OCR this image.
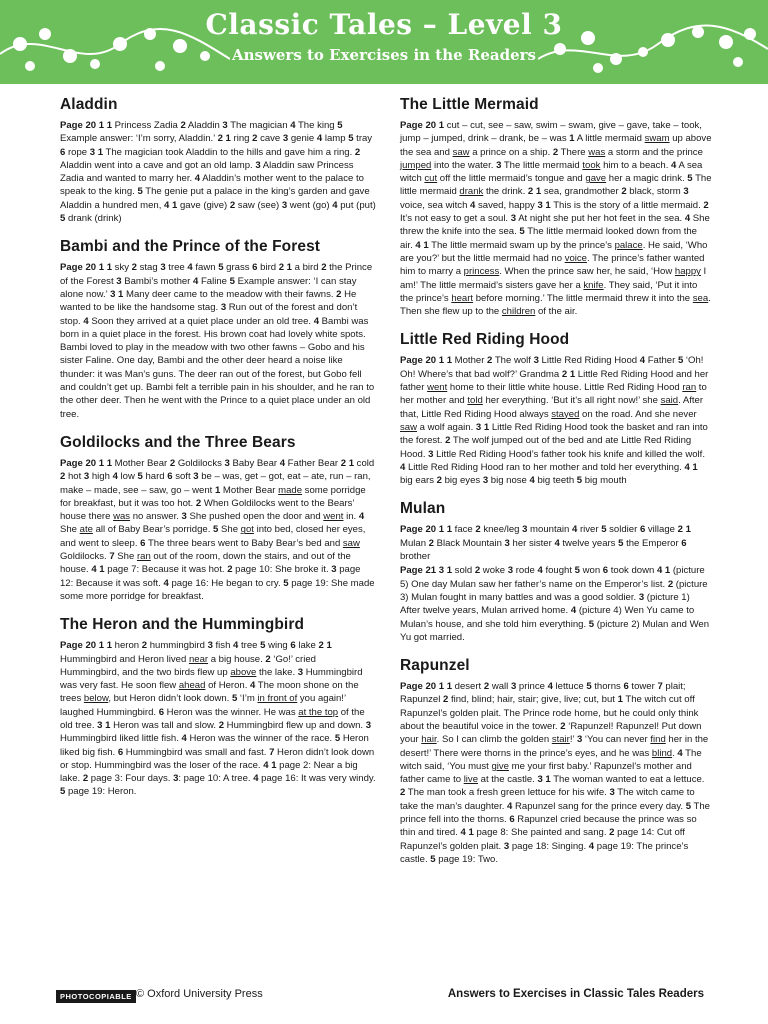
Classic Tales – Level 3
Answers to Exercises in the Readers
Aladdin

Page 20 1 1 Princess Zadia 2 Aladdin 3 The magician 4 The king 5 Example answer: ‘I’m sorry, Aladdin.’ 2 1 ring 2 cave 3 genie 4 lamp 5 tray 6 rope 3 1 The magician took Aladdin to the hills and gave him a ring. 2 Aladdin went into a cave and got an old lamp. 3 Aladdin saw Princess Zadia and wanted to marry her. 4 Aladdin’s mother went to the palace to speak to the king. 5 The genie put a palace in the king’s garden and gave Aladdin a hundred men, 4 1 gave (give) 2 saw (see) 3 went (go) 4 put (put) 5 drank (drink)

Bambi and the Prince of the Forest

Page 20 1 1 sky 2 stag 3 tree 4 fawn 5 grass 6 bird 2 1 a bird 2 the Prince of the Forest 3 Bambi’s mother 4 Faline 5 Example answer: ‘I can stay alone now.’ 3 1 Many deer came to the meadow with their fawns. 2 He wanted to be like the handsome stag. 3 Run out of the forest and don’t stop. 4 Soon they arrived at a quiet place under an old tree. 4 Bambi was born in a quiet place in the forest. His brown coat had lovely white spots. Bambi loved to play in the meadow with two other fawns – Gobo and his sister Faline. One day, Bambi and the other deer heard a noise like thunder: it was Man’s guns. The deer ran out of the forest, but Gobo fell and couldn’t get up. Bambi felt a terrible pain in his shoulder, and he ran to the other deer. Then he went with the Prince to a quiet place under an old tree.

Goldilocks and the Three Bears

Page 20 1 1 Mother Bear 2 Goldilocks 3 Baby Bear 4 Father Bear 2 1 cold 2 hot 3 high 4 low 5 hard 6 soft 3 be – was, get – got, eat – ate, run – ran, make – made, see – saw, go – went 1 Mother Bear made some porridge for breakfast, but it was too hot. 2 When Goldilocks went to the Bears’ house there was no answer. 3 She pushed open the door and went in. 4 She ate all of Baby Bear’s porridge. 5 She got into bed, closed her eyes, and went to sleep. 6 The three bears went to Baby Bear’s bed and saw Goldilocks. 7 She ran out of the room, down the stairs, and out of the house. 4 1 page 7: Because it was hot. 2 page 10: She broke it. 3 page 12: Because it was soft. 4 page 16: He began to cry. 5 page 19: She made some more porridge for breakfast.

The Heron and the Hummingbird

Page 20 1 1 heron 2 hummingbird 3 fish 4 tree 5 wing 6 lake 2 1 Hummingbird and Heron lived near a big house. 2 ‘Go!’ cried Hummingbird, and the two birds flew up above the lake. 3 Hummingbird was very fast. He soon flew ahead of Heron. 4 The moon shone on the trees below, but Heron didn’t look down. 5 ‘I’m in front of you again!’ laughed Hummingbird. 6 Heron was the winner. He was at the top of the old tree. 3 1 Heron was tall and slow. 2 Hummingbird flew up and down. 3 Hummingbird liked little fish. 4 Heron was the winner of the race. 5 Heron liked big fish. 6 Hummingbird was small and fast. 7 Heron didn’t look down or stop. Hummingbird was the loser of the race. 4 1 page 2: Near a big lake. 2 page 3: Four days. 3: page 10: A tree. 4 page 16: It was very windy. 5 page 19: Heron.

The Little Mermaid

Page 20 1 cut – cut, see – saw, swim – swam, give – gave, take – took, jump – jumped, drink – drank, be – was 1 A little mermaid swam up above the sea and saw a prince on a ship. 2 There was a storm and the prince jumped into the water. 3 The little mermaid took him to a beach. 4 A sea witch cut off the little mermaid’s tongue and gave her a magic drink. 5 The little mermaid drank the drink. 2 1 sea, grandmother 2 black, storm 3 voice, sea witch 4 saved, happy 3 1 This is the story of a little mermaid. 2 It’s not easy to get a soul. 3 At night she put her hot feet in the sea. 4 She threw the knife into the sea. 5 The little mermaid looked down from the air. 4 1 The little mermaid swam up by the prince’s palace. He said, ‘Who are you?’ but the little mermaid had no voice. The prince’s father wanted him to marry a princess. When the prince saw her, he said, ‘How happy I am!’ The little mermaid’s sisters gave her a knife. They said, ‘Put it into the prince’s heart before morning.’ The little mermaid threw it into the sea. Then she flew up to the children of the air.

Little Red Riding Hood

Page 20 1 1 Mother 2 The wolf 3 Little Red Riding Hood 4 Father 5 ‘Oh! Oh! Where’s that bad wolf?’ Grandma 2 1 Little Red Riding Hood and her father went home to their little white house. Little Red Riding Hood ran to her mother and told her everything. ‘But it’s all right now!’ she said. After that, Little Red Riding Hood always stayed on the road. And she never saw a wolf again. 3 1 Little Red Riding Hood took the basket and ran into the forest. 2 The wolf jumped out of the bed and ate Little Red Riding Hood. 3 Little Red Riding Hood’s father took his knife and killed the wolf. 4 Little Red Riding Hood ran to her mother and told her everything. 4 1 big ears 2 big eyes 3 big nose 4 big teeth 5 big mouth

Mulan

Page 20 1 1 face 2 knee/leg 3 mountain 4 river 5 soldier 6 village 2 1 Mulan 2 Black Mountain 3 her sister 4 twelve years 5 the Emperor 6 brother

Page 21 3 1 sold 2 woke 3 rode 4 fought 5 won 6 took down 4 1 (picture 5) One day Mulan saw her father’s name on the Emperor’s list. 2 (picture 3) Mulan fought in many battles and was a good soldier. 3 (picture 1) After twelve years, Mulan arrived home. 4 (picture 4) Wen Yu came to Mulan’s house, and she told him everything. 5 (picture 2) Mulan and Wen Yu got married.

Rapunzel

Page 20 1 1 desert 2 wall 3 prince 4 lettuce 5 thorns 6 tower 7 plait; Rapunzel 2 find, blind; hair, stair; give, live; cut, but 1 The witch cut off Rapunzel’s golden plait. The Prince rode home, but he could only think about the beautiful voice in the tower. 2 ‘Rapunzel! Rapunzel! Put down your hair. So I can climb the golden stair!’ 3 ‘You can never find her in the desert!’ There were thorns in the prince’s eyes, and he was blind. 4 The witch said, ‘You must give me your first baby.’ Rapunzel’s mother and father came to live at the castle. 3 1 The woman wanted to eat a lettuce. 2 The man took a fresh green lettuce for his wife. 3 The witch came to take the man’s daughter. 4 Rapunzel sang for the prince every day. 5 The prince fell into the thorns. 6 Rapunzel cried because the prince was so thin and tired. 4 1 page 8: She painted and sang. 2 page 14: Cut off Rapunzel’s golden plait. 3 page 18: Singing. 4 page 19: The prince’s castle. 5 page 19: Two.

PHOTOCOPIABLE © Oxford University Press	Answers to Exercises in Classic Tales Readers
